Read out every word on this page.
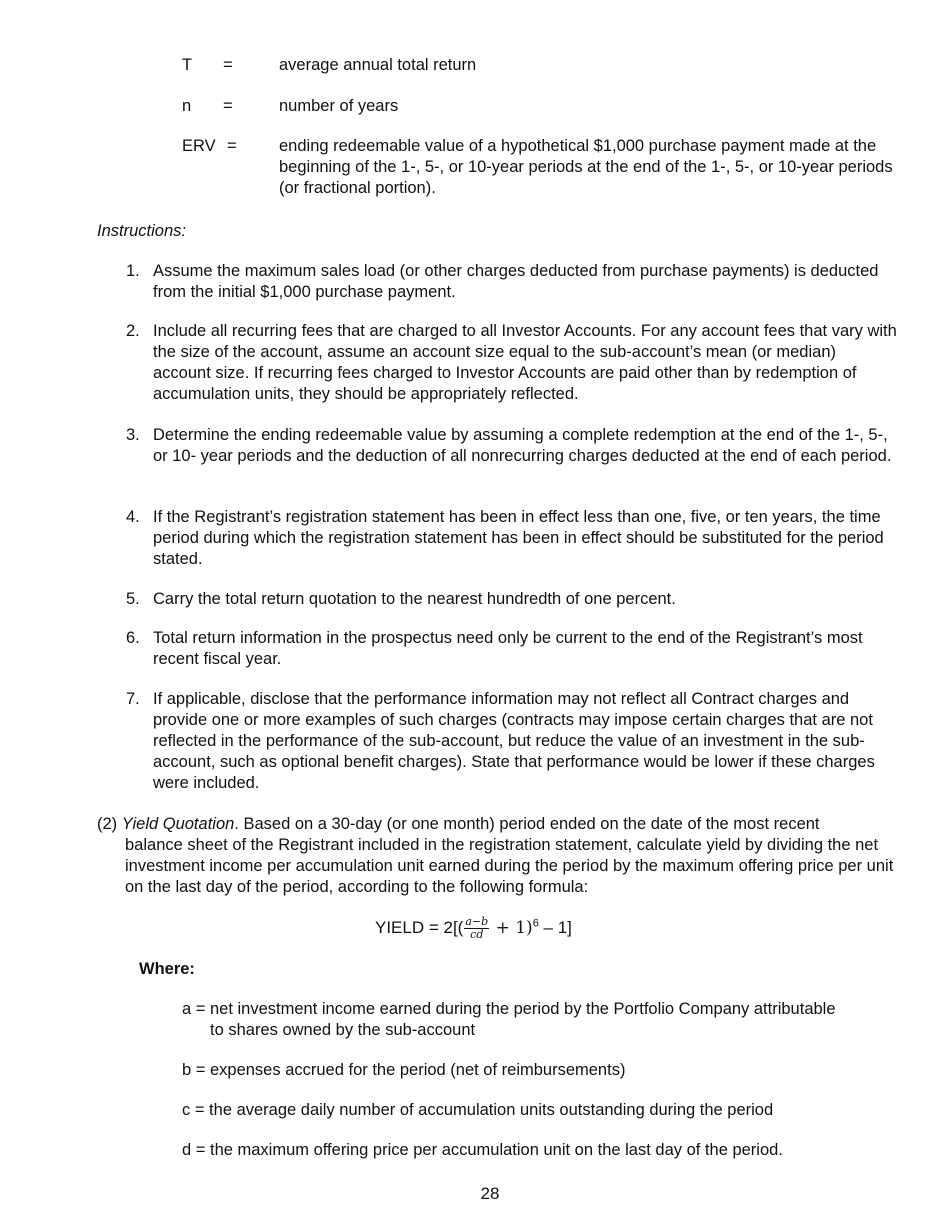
T =	average annual total return
n =	number of years
ERV =	ending redeemable value of a hypothetical $1,000 purchase payment made at the beginning of the 1-, 5-, or 10-year periods at the end of the 1-, 5-, or 10-year periods (or fractional portion).
Instructions:
1. Assume the maximum sales load (or other charges deducted from purchase payments) is deducted from the initial $1,000 purchase payment.
2. Include all recurring fees that are charged to all Investor Accounts. For any account fees that vary with the size of the account, assume an account size equal to the sub-account’s mean (or median) account size. If recurring fees charged to Investor Accounts are paid other than by redemption of accumulation units, they should be appropriately reflected.
3. Determine the ending redeemable value by assuming a complete redemption at the end of the 1-, 5-, or 10- year periods and the deduction of all nonrecurring charges deducted at the end of each period.
4. If the Registrant’s registration statement has been in effect less than one, five, or ten years, the time period during which the registration statement has been in effect should be substituted for the period stated.
5. Carry the total return quotation to the nearest hundredth of one percent.
6. Total return information in the prospectus need only be current to the end of the Registrant’s most recent fiscal year.
7. If applicable, disclose that the performance information may not reflect all Contract charges and provide one or more examples of such charges (contracts may impose certain charges that are not reflected in the performance of the sub-account, but reduce the value of an investment in the sub-account, such as optional benefit charges). State that performance would be lower if these charges were included.
(2) Yield Quotation. Based on a 30-day (or one month) period ended on the date of the most recent
balance sheet of the Registrant included in the registration statement, calculate yield by dividing the net investment income per accumulation unit earned during the period by the maximum offering price per unit on the last day of the period, according to the following formula:
YIELD = $2[( \frac{a-b}{cd} + 1)^6 - 1]$
Where:
a = net investment income earned during the period by the Portfolio Company attributable
to shares owned by the sub-account
b = expenses accrued for the period (net of reimbursements)
c = the average daily number of accumulation units outstanding during the period
d = the maximum offering price per accumulation unit on the last day of the period.
28
